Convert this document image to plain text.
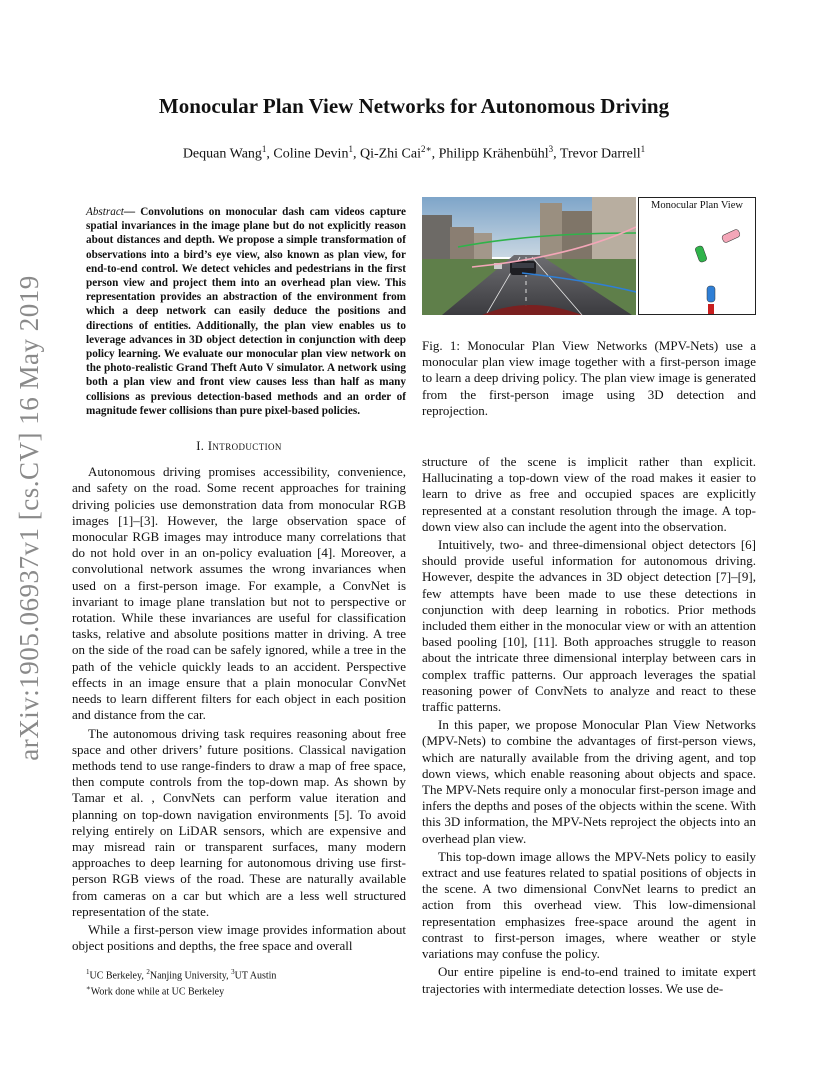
arXiv:1905.06937v1 [cs.CV] 16 May 2019
Monocular Plan View Networks for Autonomous Driving
Dequan Wang$^1$, Coline Devin$^1$, Qi-Zhi Cai$^{2∗}$, Philipp Krähenbühl$^3$, Trevor Darrell$^1$
Abstract— Convolutions on monocular dash cam videos capture spatial invariances in the image plane but do not explicitly reason about distances and depth. We propose a simple transformation of observations into a bird’s eye view, also known as plan view, for end-to-end control. We detect vehicles and pedestrians in the first person view and project them into an overhead plan view. This representation provides an abstraction of the environment from which a deep network can easily deduce the positions and directions of entities. Additionally, the plan view enables us to leverage advances in 3D object detection in conjunction with deep policy learning. We evaluate our monocular plan view network on the photo-realistic Grand Theft Auto V simulator. A network using both a plan view and front view causes less than half as many collisions as previous detection-based methods and an order of magnitude fewer collisions than pure pixel-based policies.
I. Introduction

Autonomous driving promises accessibility, convenience, and safety on the road. Some recent approaches for training driving policies use demonstration data from monocular RGB images [1]–[3]. However, the large observation space of monocular RGB images may introduce many correlations that do not hold over in an on-policy evaluation [4]. Moreover, a convolutional network assumes the wrong invariances when used on a first-person image. For example, a ConvNet is invariant to image plane translation but not to perspective or rotation. While these invariances are useful for classification tasks, relative and absolute positions matter in driving. A tree on the side of the road can be safely ignored, while a tree in the path of the vehicle quickly leads to an accident. Perspective effects in an image ensure that a plain monocular ConvNet needs to learn different filters for each object in each position and distance from the car.

The autonomous driving task requires reasoning about free space and other drivers’ future positions. Classical navigation methods tend to use range-finders to draw a map of free space, then compute controls from the top-down map. As shown by Tamar et al. , ConvNets can perform value iteration and planning on top-down navigation environments [5]. To avoid relying entirely on LiDAR sensors, which are expensive and may misread rain or transparent surfaces, many modern approaches to deep learning for autonomous driving use first-person RGB views of the road. These are naturally available from cameras on a car but which are a less well structured representation of the state.

While a first-person view image provides information about object positions and depths, the free space and overall

Monocular Plan View
Fig. 1: Monocular Plan View Networks (MPV-Nets) use a monocular plan view image together with a first-person image to learn a deep driving policy. The plan view image is generated from the first-person image using 3D detection and reprojection.

structure of the scene is implicit rather than explicit. Hallucinating a top-down view of the road makes it easier to learn to drive as free and occupied spaces are explicitly represented at a constant resolution through the image. A top-down view also can include the agent into the observation.

Intuitively, two- and three-dimensional object detectors [6] should provide useful information for autonomous driving. However, despite the advances in 3D object detection [7]–[9], few attempts have been made to use these detections in conjunction with deep learning in robotics. Prior methods included them either in the monocular view or with an attention based pooling [10], [11]. Both approaches struggle to reason about the intricate three dimensional interplay between cars in complex traffic patterns. Our approach leverages the spatial reasoning power of ConvNets to analyze and react to these traffic patterns.

In this paper, we propose Monocular Plan View Networks (MPV-Nets) to combine the advantages of first-person views, which are naturally available from the driving agent, and top down views, which enable reasoning about objects and space. The MPV-Nets require only a monocular first-person image and infers the depths and poses of the objects within the scene. With this 3D information, the MPV-Nets reproject the objects into an overhead plan view.

This top-down image allows the MPV-Nets policy to easily extract and use features related to spatial positions of objects in the scene. A two dimensional ConvNet learns to predict an action from this overhead view. This low-dimensional representation emphasizes free-space around the agent in contrast to first-person images, where weather or style variations may confuse the policy.

Our entire pipeline is end-to-end trained to imitate expert trajectories with intermediate detection losses. We use de-

$^1$UC Berkeley, $^2$Nanjing University, $^3$UT Austin
∗Work done while at UC Berkeley
